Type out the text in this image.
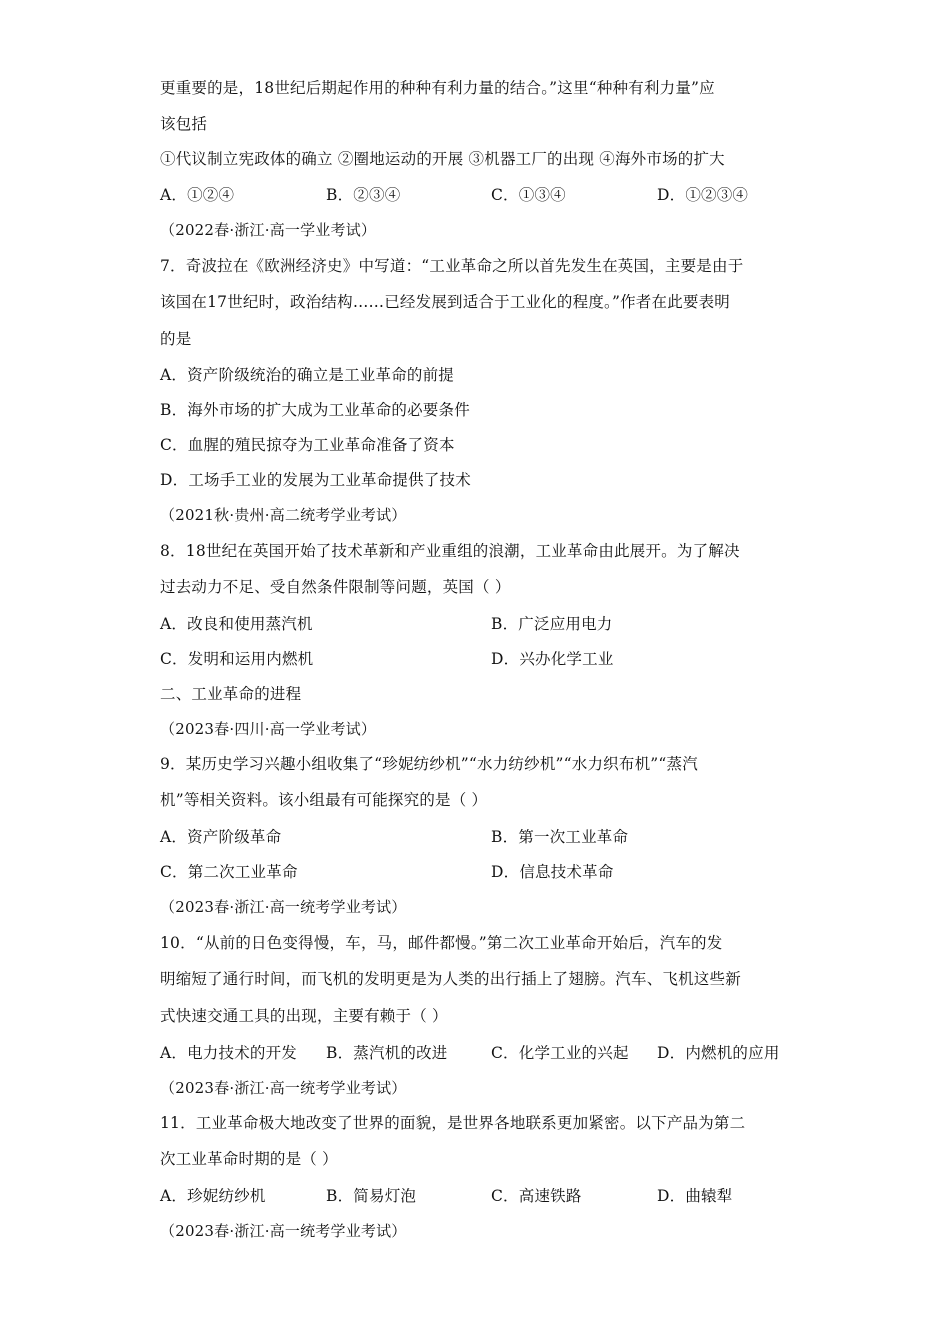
更重要的是，18世纪后期起作用的种种有利力量的结合。”这里“种种有利力量”应
该包括
①代议制立宪政体的确立 ②圈地运动的开展 ③机器工厂的出现 ④海外市场的扩大
A．①②④	B．②③④	C．①③④	D．①②③④
（2022春·浙江·高一学业考试）
7．奇波拉在《欧洲经济史》中写道：“工业革命之所以首先发生在英国，主要是由于
该国在17世纪时，政治结构……已经发展到适合于工业化的程度。”作者在此要表明
的是
A．资产阶级统治的确立是工业革命的前提
B．海外市场的扩大成为工业革命的必要条件
C．血腥的殖民掠夺为工业革命准备了资本
D．工场手工业的发展为工业革命提供了技术
（2021秋·贵州·高二统考学业考试）
8．18世纪在英国开始了技术革新和产业重组的浪潮，工业革命由此展开。为了解决
过去动力不足、受自然条件限制等问题，英国（ ）
A．改良和使用蒸汽机	B．广泛应用电力
C．发明和运用内燃机	D．兴办化学工业
二、工业革命的进程
（2023春·四川·高一学业考试）
9．某历史学习兴趣小组收集了“珍妮纺纱机”“水力纺纱机”“水力织布机”“蒸汽
机”等相关资料。该小组最有可能探究的是（ ）
A．资产阶级革命	B．第一次工业革命
C．第二次工业革命	D．信息技术革命
（2023春·浙江·高一统考学业考试）
10．“从前的日色变得慢，车，马，邮件都慢。”第二次工业革命开始后，汽车的发
明缩短了通行时间，而飞机的发明更是为人类的出行插上了翅膀。汽车、飞机这些新
式快速交通工具的出现，主要有赖于（ ）
A．电力技术的开发 B．蒸汽机的改进	C．化学工业的兴起 D．内燃机的应用
（2023春·浙江·高一统考学业考试）
11．工业革命极大地改变了世界的面貌，是世界各地联系更加紧密。以下产品为第二
次工业革命时期的是（ ）
A．珍妮纺纱机	B．简易灯泡	C．高速铁路	D．曲辕犁
（2023春·浙江·高一统考学业考试）
